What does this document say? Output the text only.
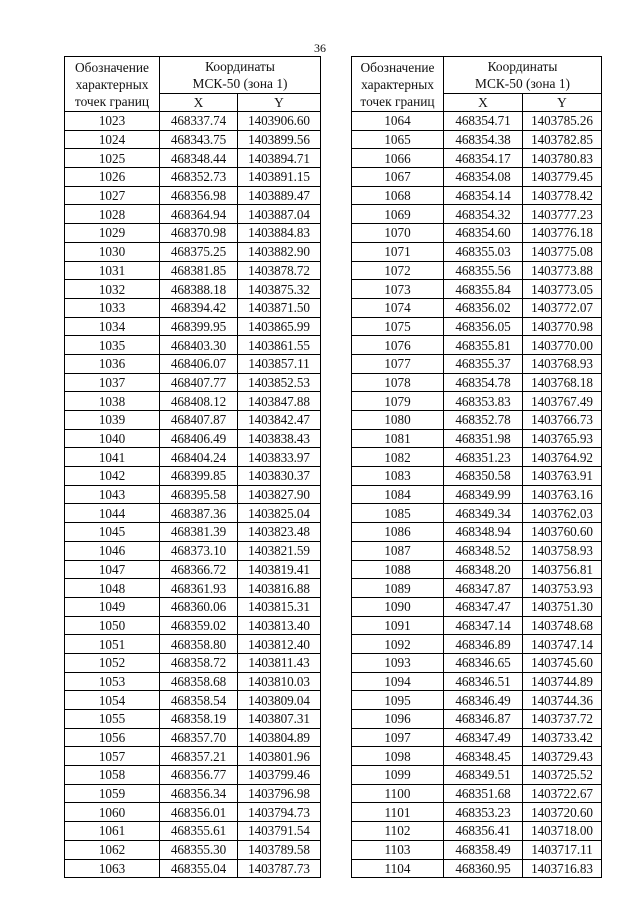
36
Обозначение
характерных
точек границ	Координаты
МСК-50 (зона 1)	

	X	Y
1023	468337.74	1403906.60
1024	468343.75	1403899.56
1025	468348.44	1403894.71
1026	468352.73	1403891.15
1027	468356.98	1403889.47
1028	468364.94	1403887.04
1029	468370.98	1403884.83
1030	468375.25	1403882.90
1031	468381.85	1403878.72
1032	468388.18	1403875.32
1033	468394.42	1403871.50
1034	468399.95	1403865.99
1035	468403.30	1403861.55
1036	468406.07	1403857.11
1037	468407.77	1403852.53
1038	468408.12	1403847.88
1039	468407.87	1403842.47
1040	468406.49	1403838.43
1041	468404.24	1403833.97
1042	468399.85	1403830.37
1043	468395.58	1403827.90
1044	468387.36	1403825.04
1045	468381.39	1403823.48
1046	468373.10	1403821.59
1047	468366.72	1403819.41
1048	468361.93	1403816.88
1049	468360.06	1403815.31
1050	468359.02	1403813.40
1051	468358.80	1403812.40
1052	468358.72	1403811.43
1053	468358.68	1403810.03
1054	468358.54	1403809.04
1055	468358.19	1403807.31
1056	468357.70	1403804.89
1057	468357.21	1403801.96
1058	468356.77	1403799.46
1059	468356.34	1403796.98
1060	468356.01	1403794.73
1061	468355.61	1403791.54
1062	468355.30	1403789.58
1063	468355.04	1403787.73
Обозначение
характерных
точек границ	Координаты
МСК-50 (зона 1)	

	X	Y
1064	468354.71	1403785.26
1065	468354.38	1403782.85
1066	468354.17	1403780.83
1067	468354.08	1403779.45
1068	468354.14	1403778.42
1069	468354.32	1403777.23
1070	468354.60	1403776.18
1071	468355.03	1403775.08
1072	468355.56	1403773.88
1073	468355.84	1403773.05
1074	468356.02	1403772.07
1075	468356.05	1403770.98
1076	468355.81	1403770.00
1077	468355.37	1403768.93
1078	468354.78	1403768.18
1079	468353.83	1403767.49
1080	468352.78	1403766.73
1081	468351.98	1403765.93
1082	468351.23	1403764.92
1083	468350.58	1403763.91
1084	468349.99	1403763.16
1085	468349.34	1403762.03
1086	468348.94	1403760.60
1087	468348.52	1403758.93
1088	468348.20	1403756.81
1089	468347.87	1403753.93
1090	468347.47	1403751.30
1091	468347.14	1403748.68
1092	468346.89	1403747.14
1093	468346.65	1403745.60
1094	468346.51	1403744.89
1095	468346.49	1403744.36
1096	468346.87	1403737.72
1097	468347.49	1403733.42
1098	468348.45	1403729.43
1099	468349.51	1403725.52
1100	468351.68	1403722.67
1101	468353.23	1403720.60
1102	468356.41	1403718.00
1103	468358.49	1403717.11
1104	468360.95	1403716.83
